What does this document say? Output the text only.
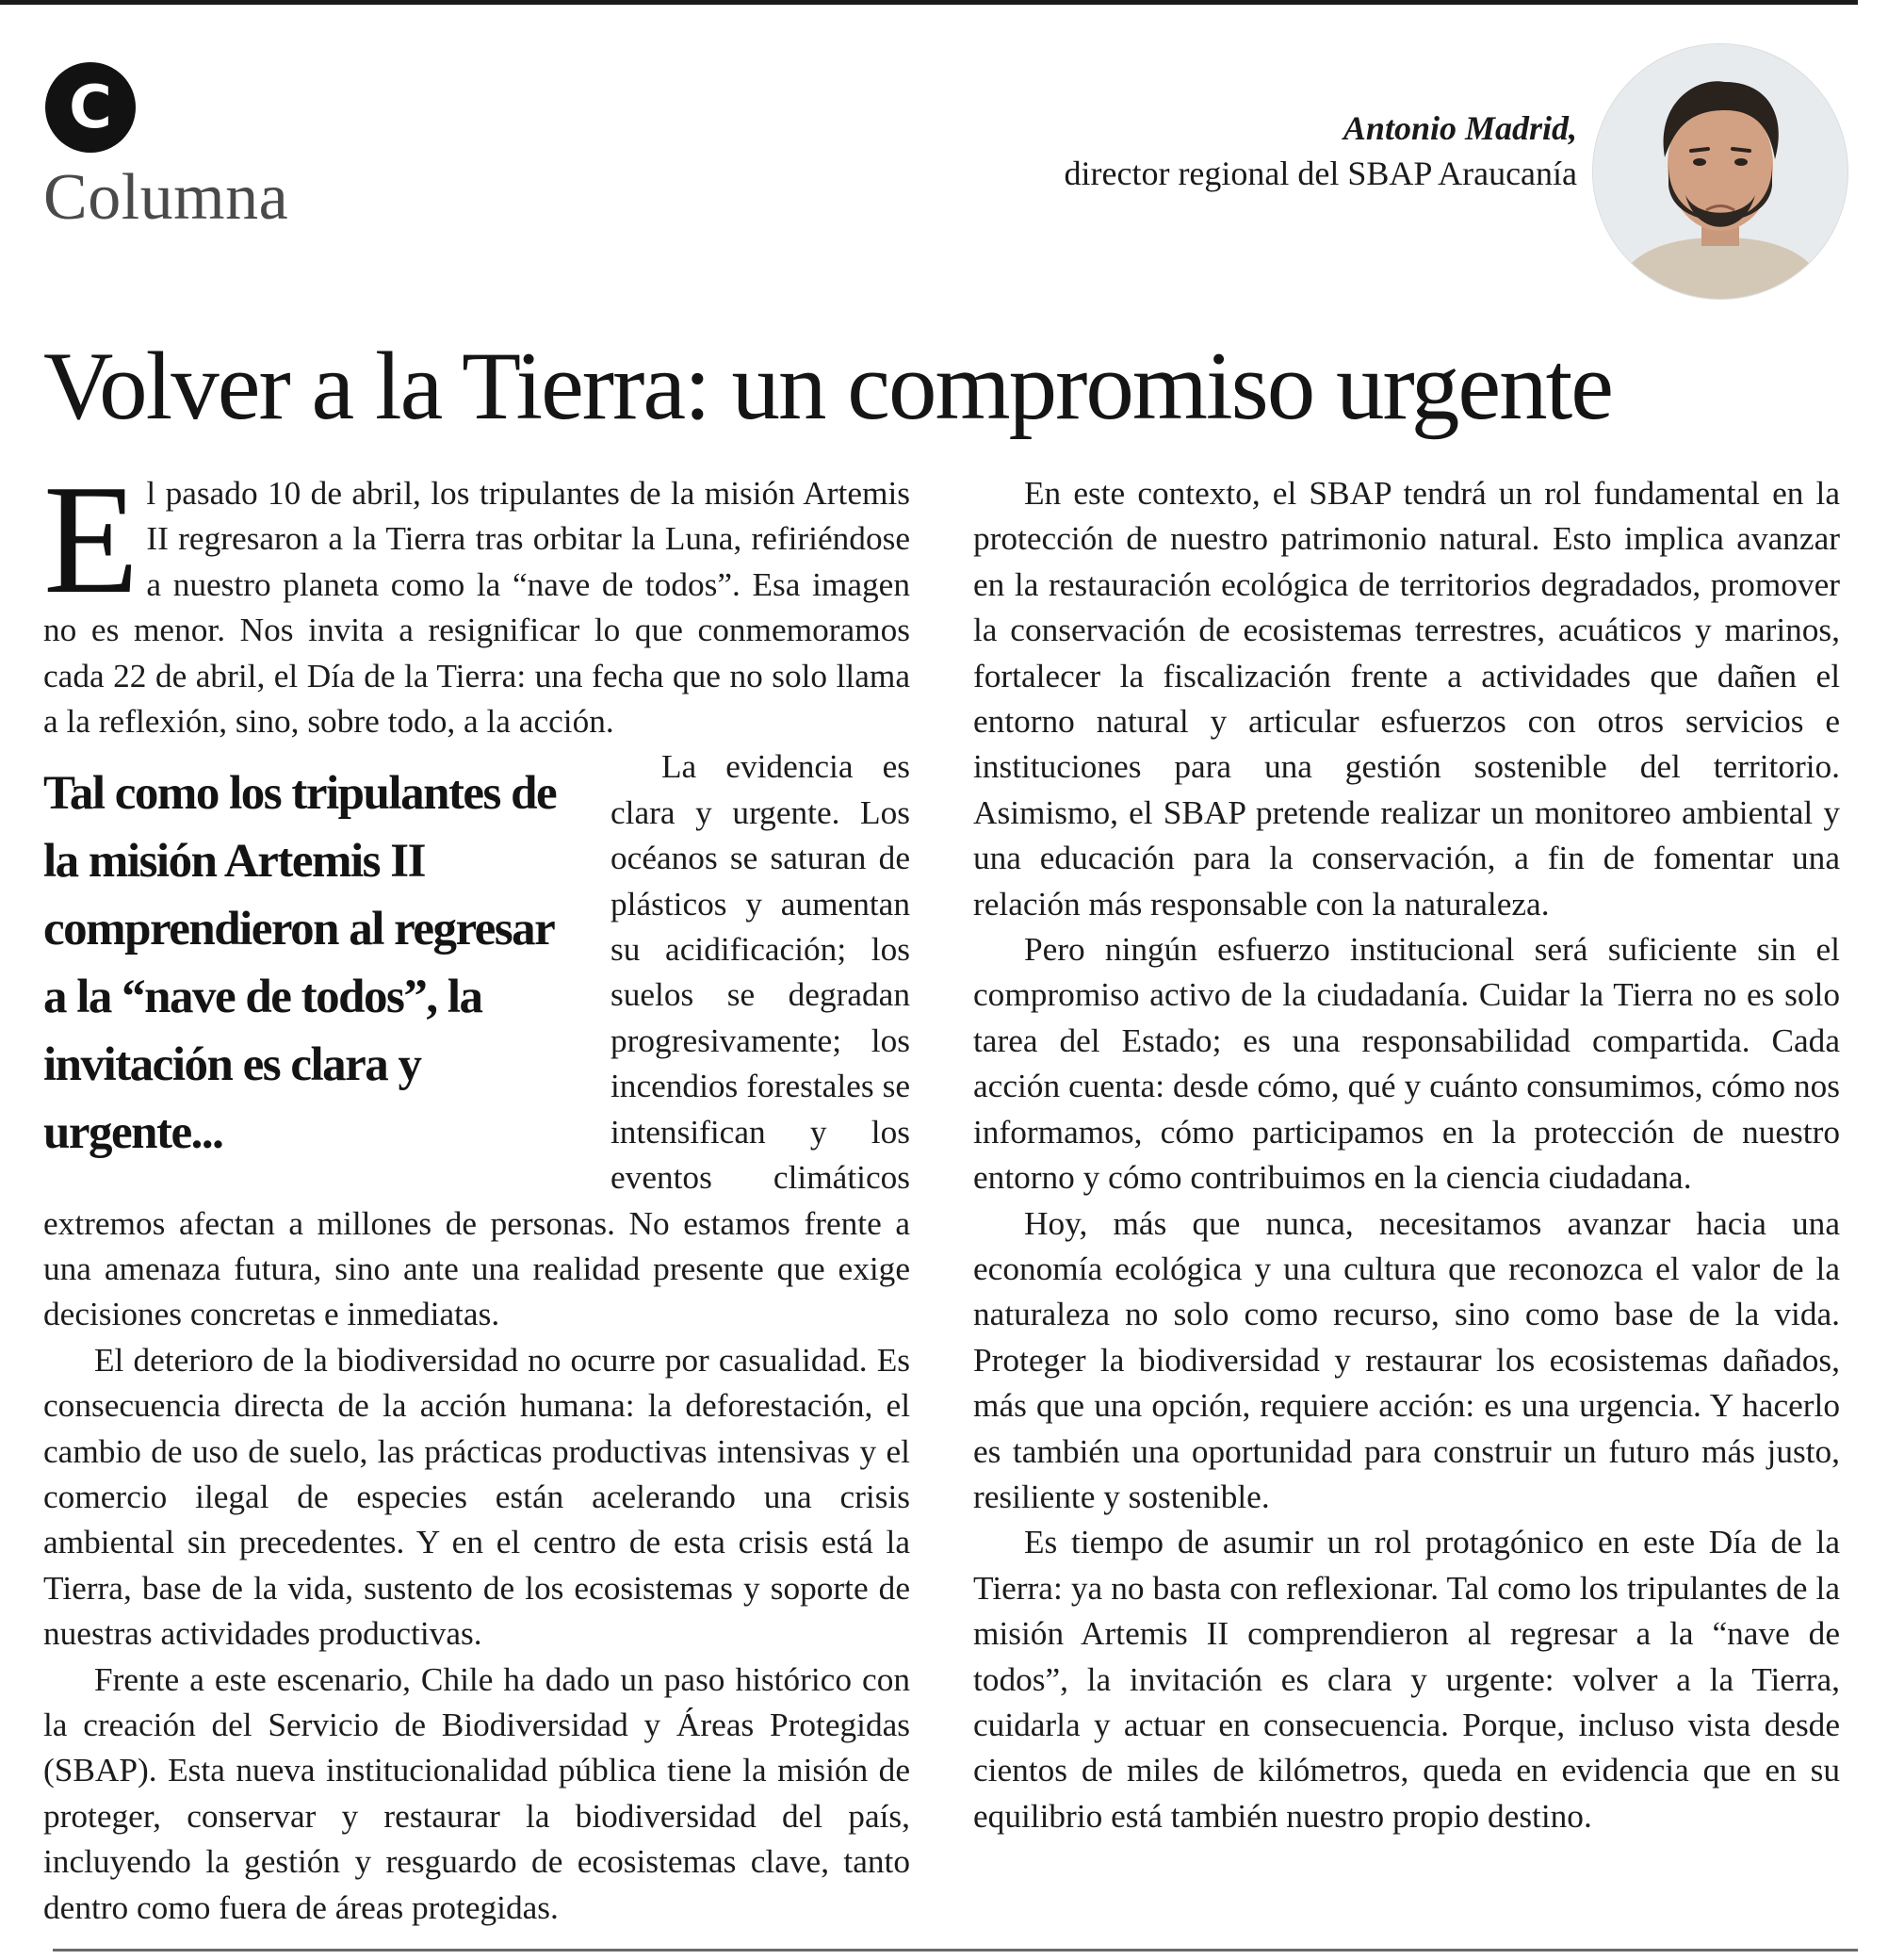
C
Columna
Antonio Madrid,
director regional del SBAP Araucanía
Volver a la Tierra: un compromiso urgente

El pasado 10 de abril, los tripulantes de la misión Artemis II regresaron a la Tierra tras orbitar la Luna, refiriéndose a nuestro planeta como la “nave de todos”. Esa imagen no es menor. Nos invita a resignificar lo que conmemoramos cada 22 de abril, el Día de la Tierra: una fecha que no solo llama a la reflexión, sino, sobre todo, a la acción.

Tal como los tripulantes de la misión Artemis II comprendieron al regresar a la “nave de todos”, la invitación es clara y urgente...
La evidencia es clara y urgente. Los océanos se saturan de plásticos y aumentan su acidificación; los suelos se degradan progresivamente; los incendios forestales se intensifican y los eventos climáticos extremos afectan a millones de personas. No estamos frente a una amenaza futura, sino ante una realidad presente que exige decisiones concretas e inmediatas.

El deterioro de la biodiversidad no ocurre por casualidad. Es consecuencia directa de la acción humana: la deforestación, el cambio de uso de suelo, las prácticas productivas intensivas y el comercio ilegal de especies están acelerando una crisis ambiental sin precedentes. Y en el centro de esta crisis está la Tierra, base de la vida, sustento de los ecosistemas y soporte de nuestras actividades productivas.

Frente a este escenario, Chile ha dado un paso histórico con la creación del Servicio de Biodiversidad y Áreas Protegidas (SBAP). Esta nueva institucionalidad pública tiene la misión de proteger, conservar y restaurar la biodiversidad del país, incluyendo la gestión y resguardo de ecosistemas clave, tanto dentro como fuera de áreas protegidas.

En este contexto, el SBAP tendrá un rol fundamental en la protección de nuestro patrimonio natural. Esto implica avanzar en la restauración ecológica de territorios degradados, promover la conservación de ecosistemas terrestres, acuáticos y marinos, fortalecer la fiscalización frente a actividades que dañen el entorno natural y articular esfuerzos con otros servicios e instituciones para una gestión sostenible del territorio. Asimismo, el SBAP pretende realizar un monitoreo ambiental y una educación para la conservación, a fin de fomentar una relación más responsable con la naturaleza.

Pero ningún esfuerzo institucional será suficiente sin el compromiso activo de la ciudadanía. Cuidar la Tierra no es solo tarea del Estado; es una responsabilidad compartida. Cada acción cuenta: desde cómo, qué y cuánto consumimos, cómo nos informamos, cómo participamos en la protección de nuestro entorno y cómo contribuimos en la ciencia ciudadana.

Hoy, más que nunca, necesitamos avanzar hacia una economía ecológica y una cultura que reconozca el valor de la naturaleza no solo como recurso, sino como base de la vida. Proteger la biodiversidad y restaurar los ecosistemas dañados, más que una opción, requiere acción: es una urgencia. Y hacerlo es también una oportunidad para construir un futuro más justo, resiliente y sostenible.

Es tiempo de asumir un rol protagónico en este Día de la Tierra: ya no basta con reflexionar. Tal como los tripulantes de la misión Artemis II comprendieron al regresar a la “nave de todos”, la invitación es clara y urgente: volver a la Tierra, cuidarla y actuar en consecuencia. Porque, incluso vista desde cientos de miles de kilómetros, queda en evidencia que en su equilibrio está también nuestro propio destino.
